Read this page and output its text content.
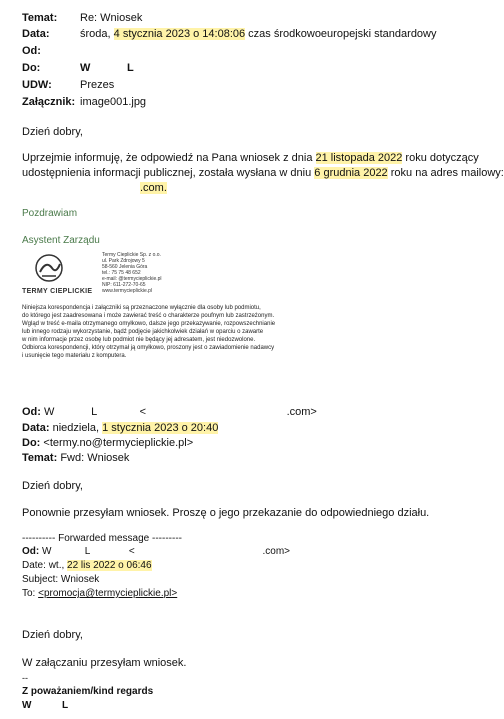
Temat: Re: Wniosek
Data:	środa, 4 stycznia 2023 o 14:08:06 czas środkowoeuropejski standardowy
Od:
Do:	W            L
UDW:	Prezes
Załącznik: image001.jpg
Dzień dobry,
Uprzejmie informuję, że odpowiedź na Pana wniosek z dnia 21 listopada 2022 roku dotyczący
udostępnienia informacji publicznej, została wysłana w dniu 6 grudnia 2022 roku na adres mailowy:
.com.
Pozdrawiam
Asystent Zarządu
TERMY CIEPLICKIE
Termy Cieplickie Sp. z o.o.
ul. Park Zdrojowy 5
58-560 Jelenia Góra
tel.: 75 75 48 652
e-mail: @termycieplickie.pl
NIP: 611-272-70-65
www.termycieplickie.pl
Niniejsza korespondencja i załączniki są przeznaczone wyłącznie dla osoby lub podmiotu,
do którego jest zaadresowana i może zawierać treść o charakterze poufnym lub zastrzeżonym.
Wgląd w treść e-maila otrzymanego omyłkowo, dalsze jego przekazywanie, rozpowszechnianie
lub innego rodzaju wykorzystanie, bądź podjęcie jakichkolwiek działań w oparciu o zawarte
w nim informacje przez osobę lub podmiot nie będący jej adresatem, jest niedozwolone.
Odbiorca korespondencji, który otrzymał ją omyłkowo, proszony jest o zawiadomienie nadawcy
i usunięcie tego materiału z komputera.
Od: W            L              <                                              .com>
Data: niedziela, 1 stycznia 2023 o 20:40
Do: <termy.no@termycieplickie.pl>
Temat: Fwd: Wniosek
Dzień dobry,
Ponownie przesyłam wniosek. Proszę o jego przekazanie do odpowiedniego działu.
---------- Forwarded message ---------
Od: W            L              <                                              .com>
Date: wt., 22 lis 2022 o 06:46
Subject: Wniosek
To: <promocja@termycieplickie.pl>
Dzień dobry,
W załączaniu przesyłam wniosek.
--
Z poważaniem/kind regards
W           L
